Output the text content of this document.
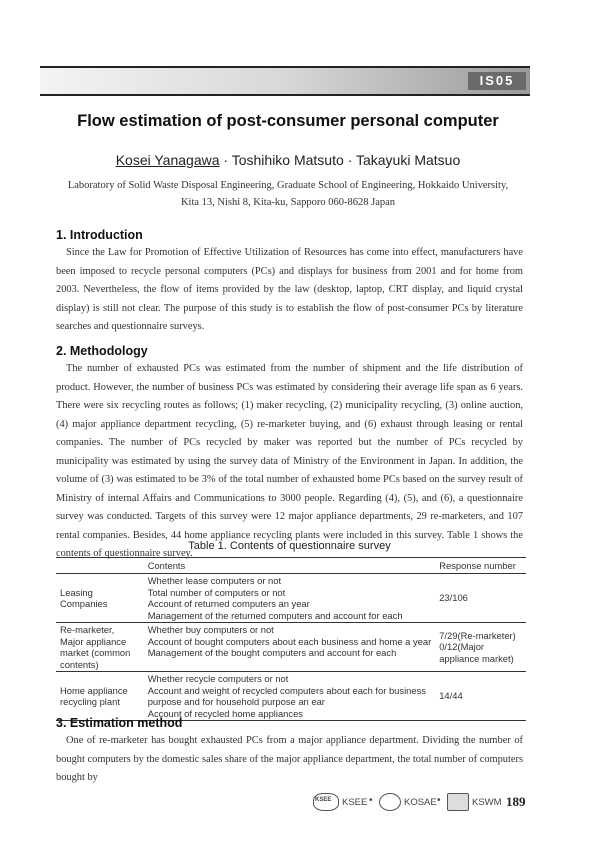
IS05
Flow estimation of post-consumer personal computer
Kosei Yanagawa · Toshihiko Matsuto · Takayuki Matsuo
Laboratory of Solid Waste Disposal Engineering, Graduate School of Engineering, Hokkaido University,
Kita 13, Nishi 8, Kita-ku, Sapporo 060-8628 Japan
1. Introduction
Since the Law for Promotion of Effective Utilization of Resources has come into effect, manufacturers have been imposed to recycle personal computers (PCs) and displays for business from 2001 and for home from 2003. Nevertheless, the flow of items provided by the law (desktop, laptop, CRT display, and liquid crystal display) is still not clear. The purpose of this study is to establish the flow of post-consumer PCs by literature searches and questionnaire surveys.
2. Methodology
The number of exhausted PCs was estimated from the number of shipment and the life distribution of product. However, the number of business PCs was estimated by considering their average life span as 6 years. There were six recycling routes as follows; (1) maker recycling, (2) municipality recycling, (3) online auction, (4) major appliance department recycling, (5) re-marketer buying, and (6) exhaust through leasing or rental companies. The number of PCs recycled by maker was reported but the number of PCs recycled by municipality was estimated by using the survey data of Ministry of the Environment in Japan. In addition, the volume of (3) was estimated to be 3% of the total number of exhausted home PCs based on the survey result of Ministry of internal Affairs and Communications to 3000 people. Regarding (4), (5), and (6), a questionnaire survey was conducted. Targets of this survey were 12 major appliance departments, 29 re-marketers, and 107 rental companies. Besides, 44 home appliance recycling plants were included in this survey. Table 1 shows the contents of questionnaire survey.
Table 1. Contents of questionnaire survey
	Contents	Response number
Leasing Companies	Whether lease computers or not
Total number of computers or not
Account of returned computers an year
Management of the returned computers and account for each	23/106
Re-marketer, Major appliance market (common contents)	Whether buy computers or not
Account of bought computers about each business and home a year
Management of the bought computers and account for each	7/29(Re-marketer) 0/12(Major appliance market)
Home appliance recycling plant	Whether recycle computers or not
Account and weight of recycled computers about each for business purpose and for household purpose an ear
Account of recycled home appliances	14/44
3. Estimation method
One of re-marketer has bought exhausted PCs from a major appliance department. Dividing the number of bought computers by the domestic sales share of the major appliance department, the total number of computers bought by
KSEE KSEE •	KOSAE •	KSWM 189
